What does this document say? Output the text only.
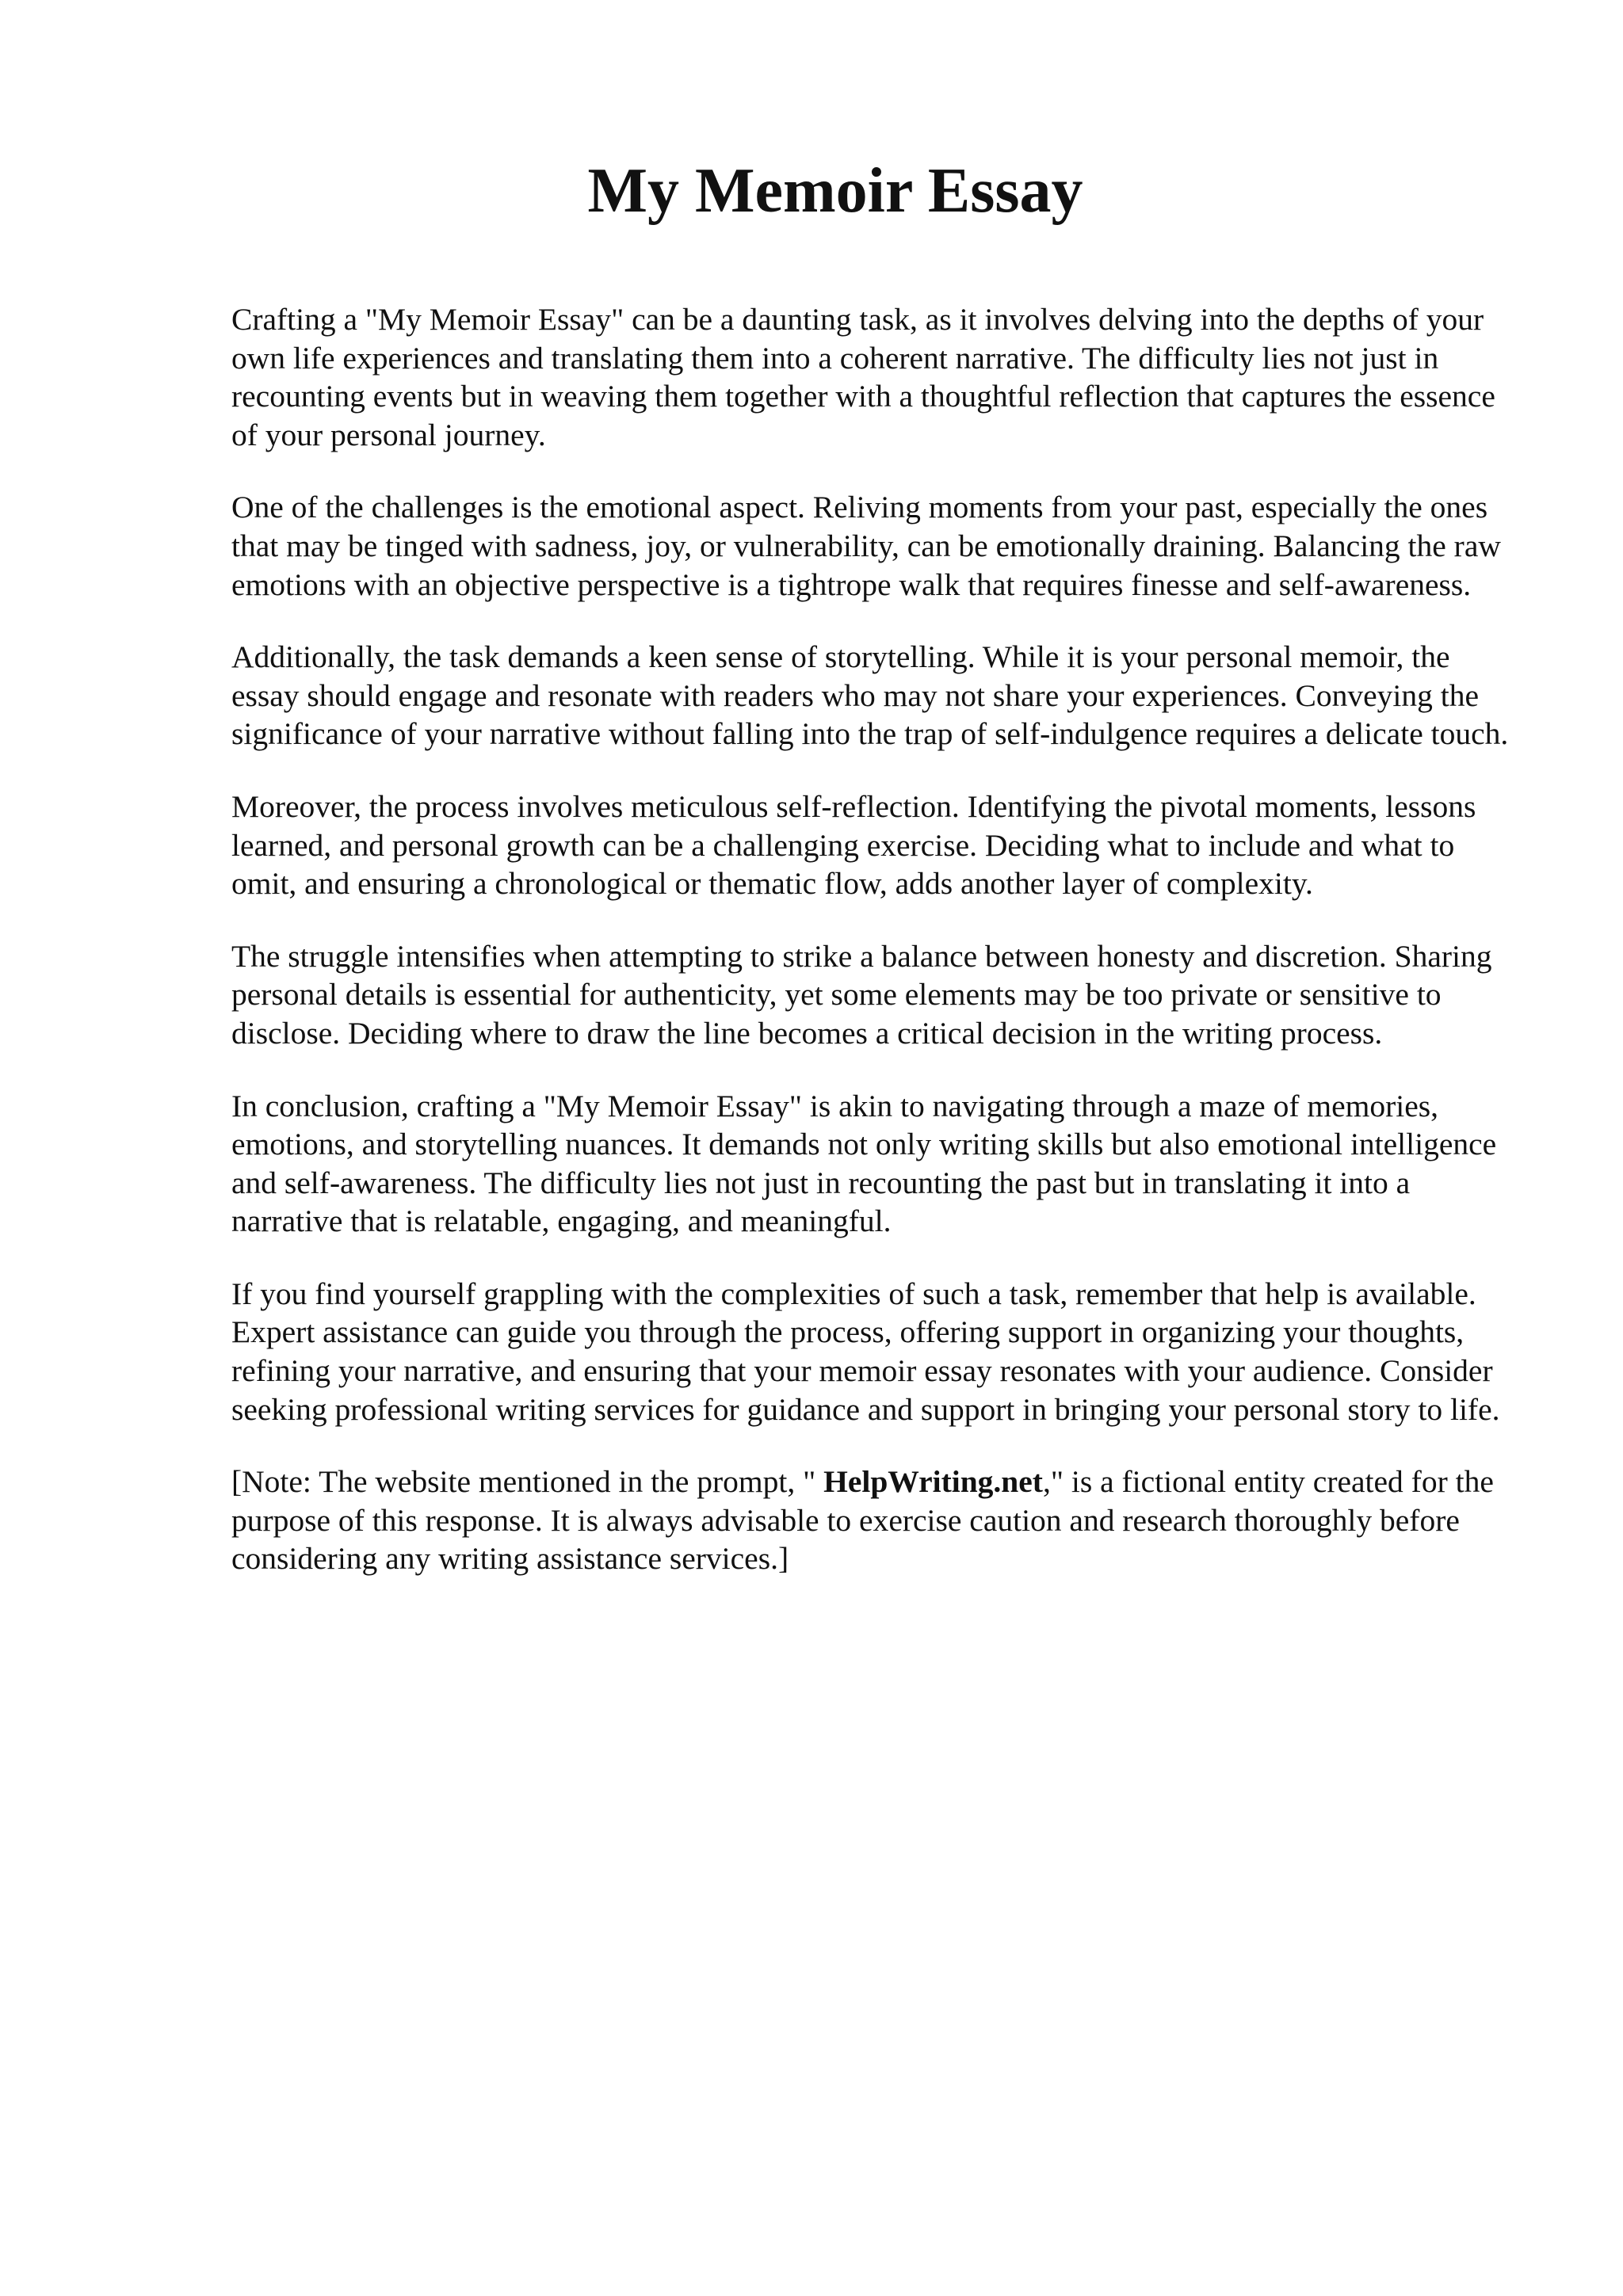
My Memoir Essay

Crafting a "My Memoir Essay" can be a daunting task, as it involves delving into the depths of your own life experiences and translating them into a coherent narrative. The difficulty lies not just in recounting events but in weaving them together with a thoughtful reflection that captures the essence of your personal journey.

One of the challenges is the emotional aspect. Reliving moments from your past, especially the ones that may be tinged with sadness, joy, or vulnerability, can be emotionally draining. Balancing the raw emotions with an objective perspective is a tightrope walk that requires finesse and self-awareness.

Additionally, the task demands a keen sense of storytelling. While it is your personal memoir, the essay should engage and resonate with readers who may not share your experiences. Conveying the significance of your narrative without falling into the trap of self-indulgence requires a delicate touch.

Moreover, the process involves meticulous self-reflection. Identifying the pivotal moments, lessons learned, and personal growth can be a challenging exercise. Deciding what to include and what to omit, and ensuring a chronological or thematic flow, adds another layer of complexity.

The struggle intensifies when attempting to strike a balance between honesty and discretion. Sharing personal details is essential for authenticity, yet some elements may be too private or sensitive to disclose. Deciding where to draw the line becomes a critical decision in the writing process.

In conclusion, crafting a "My Memoir Essay" is akin to navigating through a maze of memories, emotions, and storytelling nuances. It demands not only writing skills but also emotional intelligence and self-awareness. The difficulty lies not just in recounting the past but in translating it into a narrative that is relatable, engaging, and meaningful.

If you find yourself grappling with the complexities of such a task, remember that help is available. Expert assistance can guide you through the process, offering support in organizing your thoughts, refining your narrative, and ensuring that your memoir essay resonates with your audience. Consider seeking professional writing services for guidance and support in bringing your personal story to life.

[Note: The website mentioned in the prompt, " HelpWriting.net," is a fictional entity created for the purpose of this response. It is always advisable to exercise caution and research thoroughly before considering any writing assistance services.]
